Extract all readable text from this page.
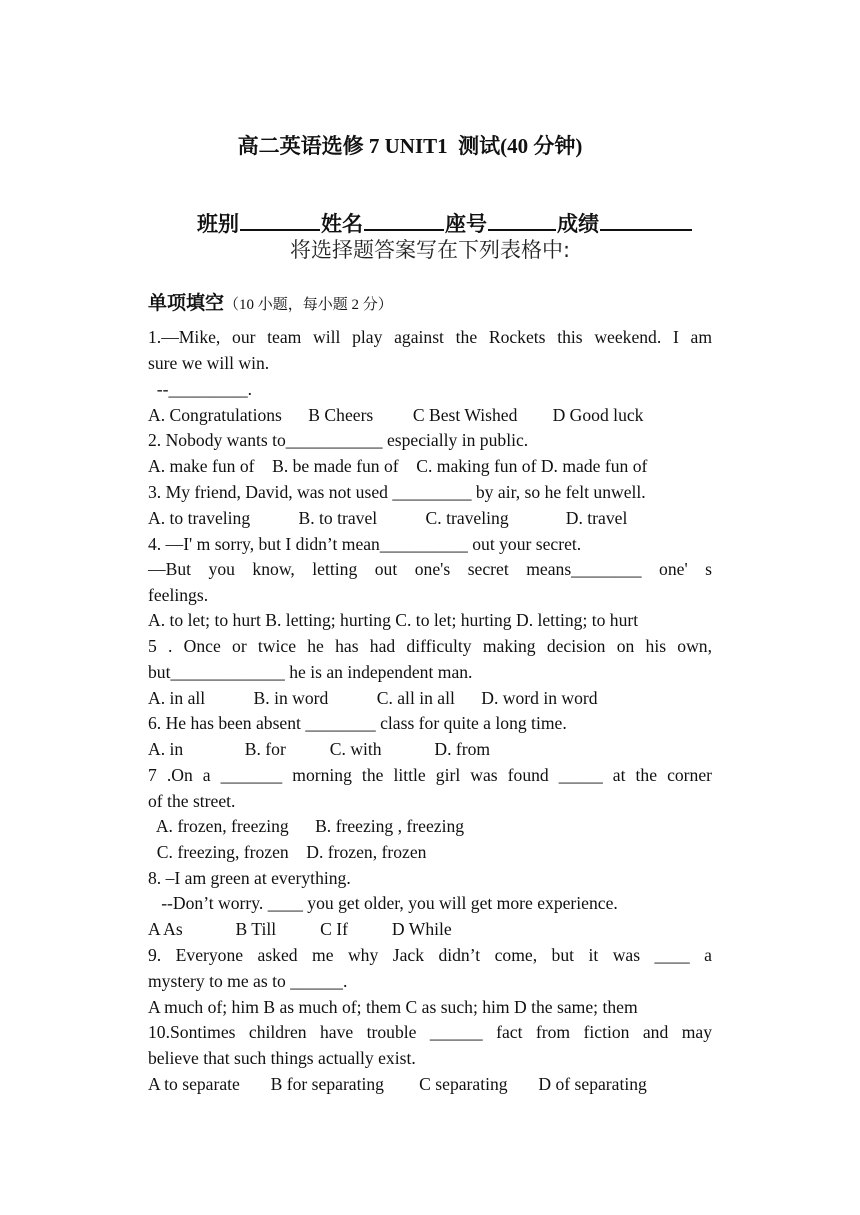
高二英语选修 7 UNIT1  测试(40 分钟)

班别	姓名	座号	成绩

将选择题答案写在下列表格中:
单项填空（10 小题，每小题 2 分）
1.—Mike, our team will play against the Rockets this weekend. I am
sure we will win.
--_________.
A. Congratulations      B Cheers         C Best Wished        D Good luck
2. Nobody wants to___________ especially in public.
A. make fun of    B. be made fun of    C. making fun of D. made fun of
3. My friend, David, was not used _________ by air, so he felt unwell.
A. to traveling           B. to travel           C. traveling             D. travel
4. —I' m sorry, but I didn’t mean__________ out your secret.
—But you know, letting out one's secret means________ one' s
feelings.
A. to let; to hurt B. letting; hurting C. to let; hurting D. letting; to hurt
5 . Once or twice he has had difficulty making decision on his own,
but_____________ he is an independent man.
A. in all           B. in word           C. all in all      D. word in word
6. He has been absent ________ class for quite a long time.
A. in              B. for          C. with            D. from
7 .On a _______ morning the little girl was found _____ at the corner
of the street.
A. frozen, freezing      B. freezing , freezing
C. freezing, frozen    D. frozen, frozen
8. –I am green at everything.
--Don’t worry. ____ you get older, you will get more experience.
A As            B Till          C If          D While
9. Everyone asked me why Jack didn’t come, but it was ____ a
mystery to me as to ______.
A much of; him B as much of; them C as such; him D the same; them
10.Sontimes children have trouble ______ fact from fiction and may
believe that such things actually exist.
A to separate       B for separating        C separating       D of separating
